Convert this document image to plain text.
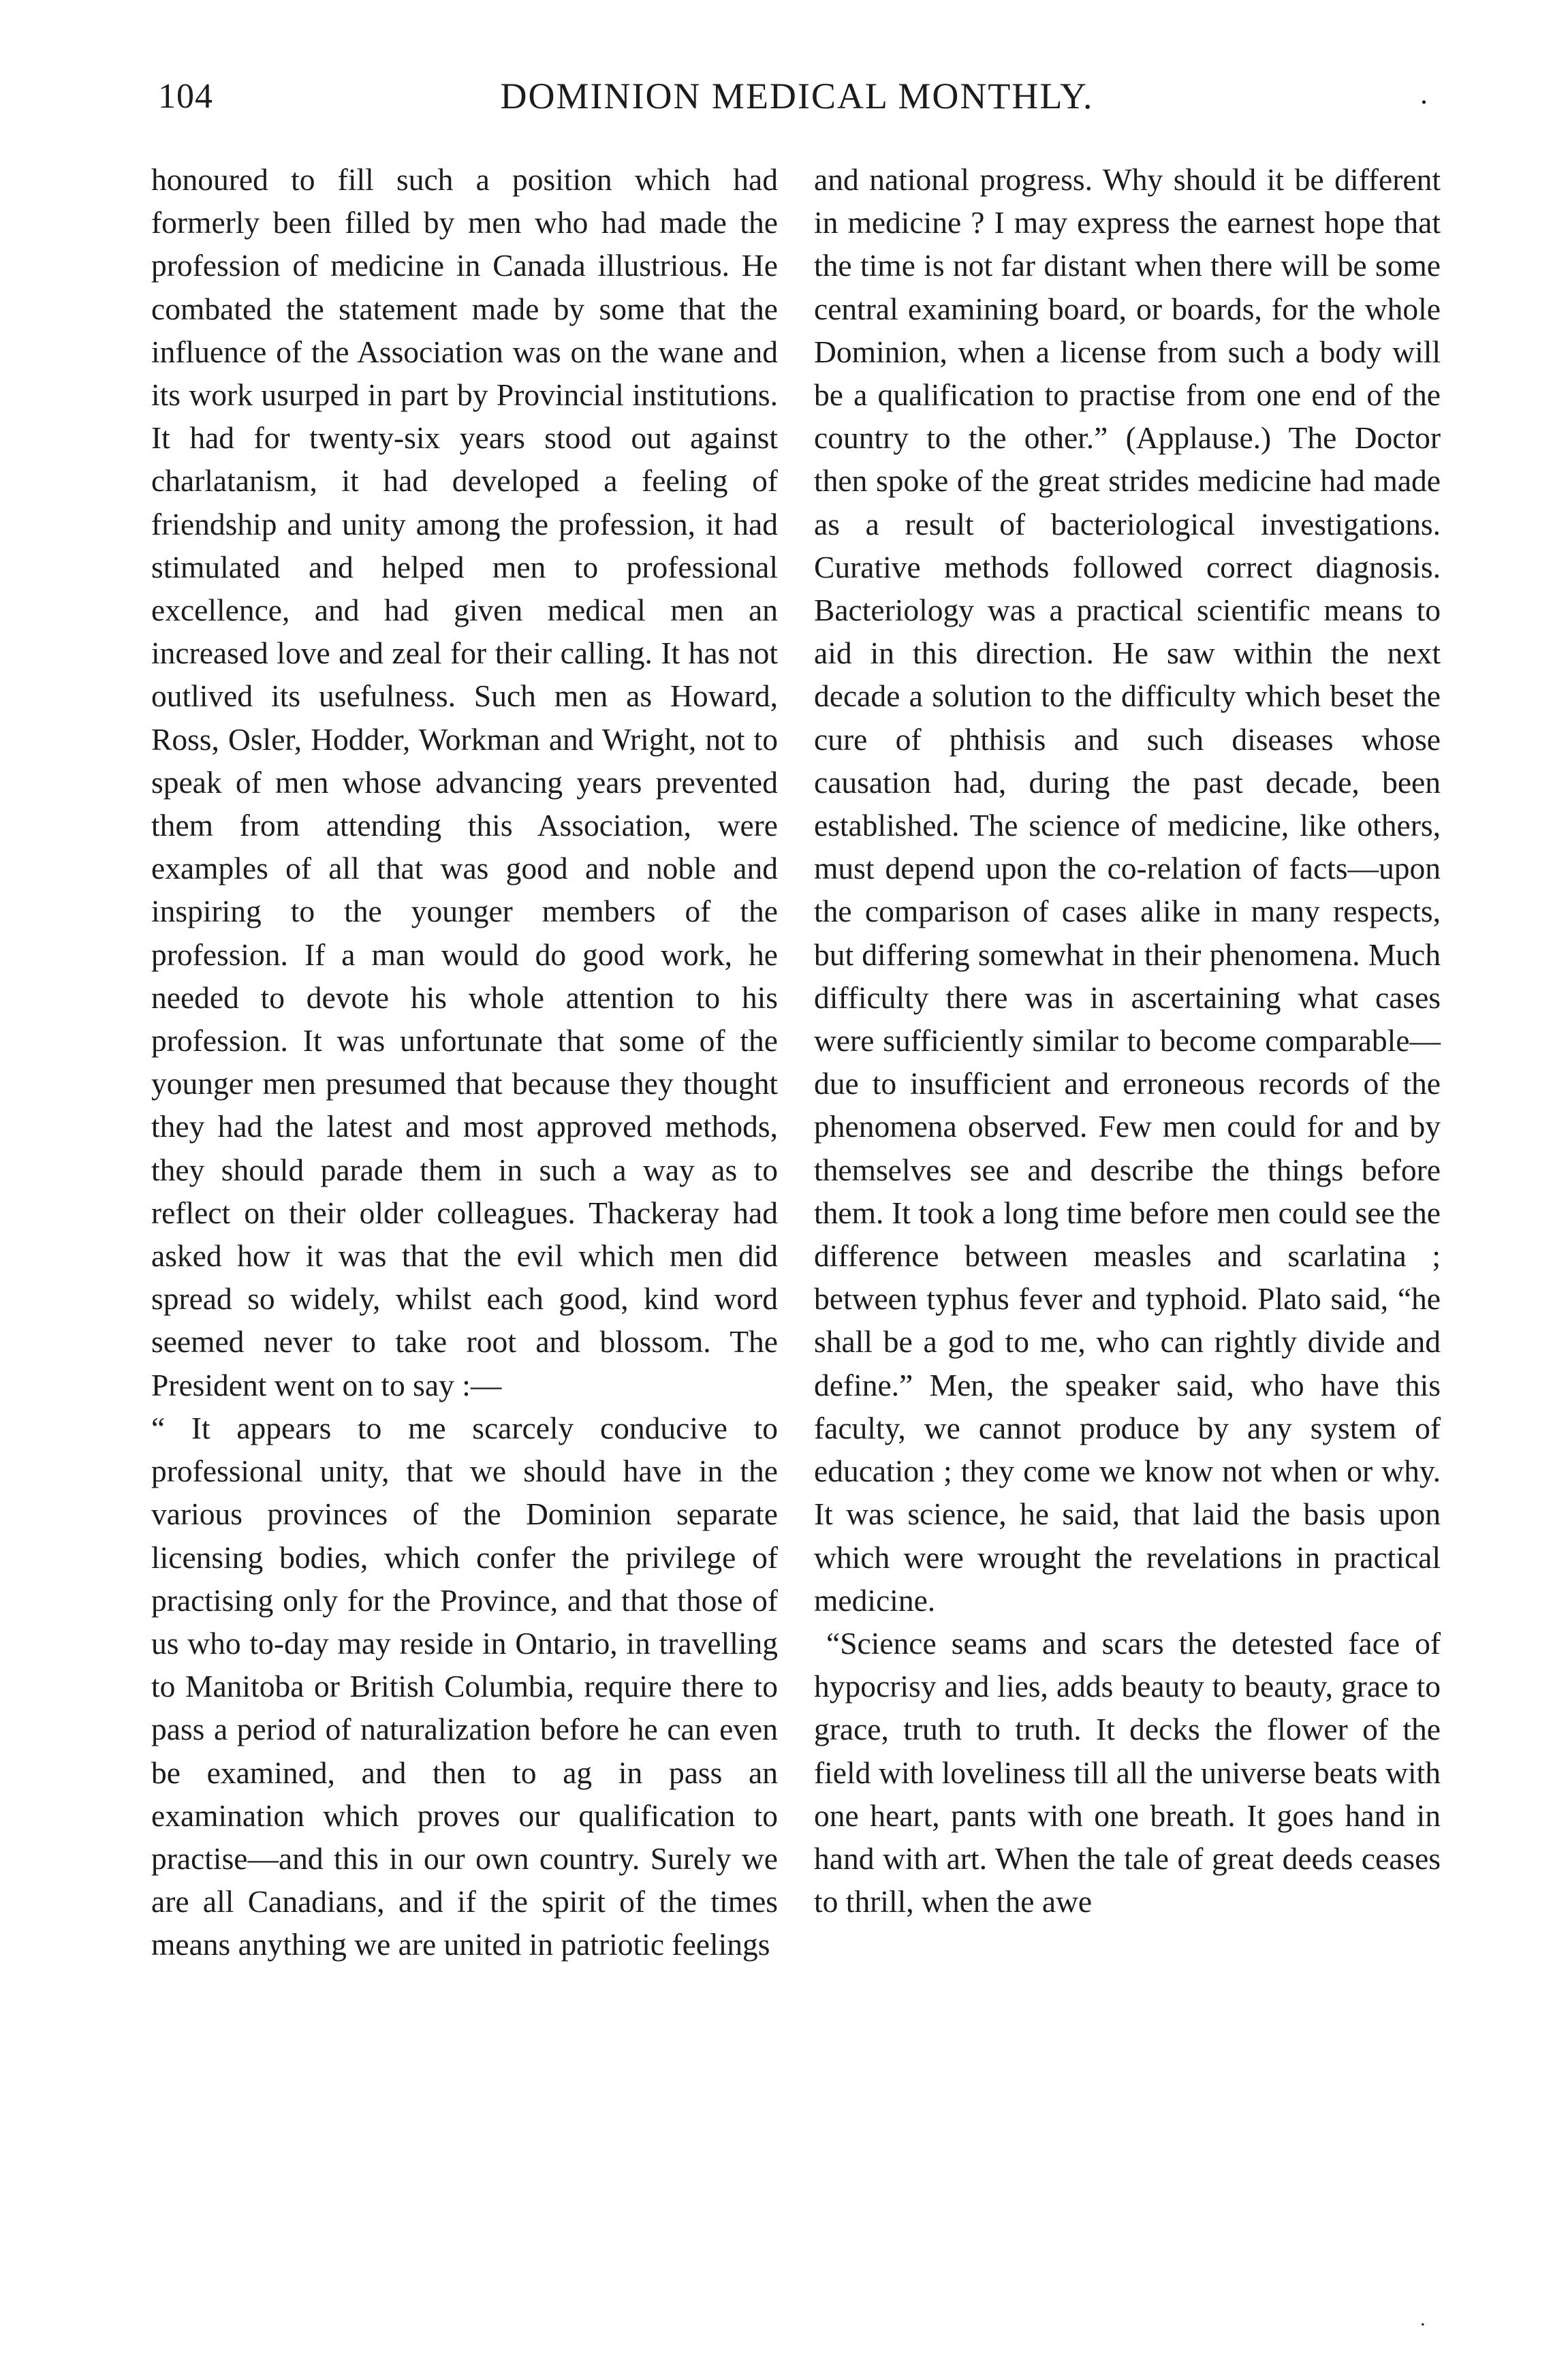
104	DOMINION MEDICAL MONTHLY.	.

honoured to fill such a position which had formerly been filled by men who had made the profession of medicine in Canada illustrious. He combated the statement made by some that the influence of the Association was on the wane and its work usurped in part by Provincial institutions. It had for twenty-six years stood out against charlatanism, it had developed a feeling of friendship and unity among the profession, it had stimulated and helped men to professional excellence, and had given medical men an increased love and zeal for their calling. It has not outlived its usefulness. Such men as Howard, Ross, Osler, Hodder, Workman and Wright, not to speak of men whose advancing years prevented them from attending this Association, were examples of all that was good and noble and inspiring to the younger members of the profession. If a man would do good work, he needed to devote his whole attention to his profession. It was unfortunate that some of the younger men presumed that because they thought they had the latest and most approved methods, they should parade them in such a way as to reflect on their older colleagues. Thackeray had asked how it was that the evil which men did spread so widely, whilst each good, kind word seemed never to take root and blossom. The President went on to say :—

“ It appears to me scarcely conducive to professional unity, that we should have in the various provinces of the Dominion separate licensing bodies, which confer the privilege of practising only for the Province, and that those of us who to-day may reside in Ontario, in travelling to Manitoba or British Columbia, require there to pass a period of naturalization before he can even be examined, and then to ag in pass an examination which proves our qualification to practise—and this in our own country. Surely we are all Canadians, and if the spirit of the times means anything we are united in patriotic feelings

and national progress. Why should it be different in medicine ? I may express the earnest hope that the time is not far distant when there will be some central examining board, or boards, for the whole Dominion, when a license from such a body will be a qualification to practise from one end of the country to the other.” (Applause.) The Doctor then spoke of the great strides medicine had made as a result of bacteriological investigations. Curative methods followed correct diagnosis. Bacteriology was a practical scientific means to aid in this direction. He saw within the next decade a solution to the difficulty which beset the cure of phthisis and such diseases whose causation had, during the past decade, been established. The science of medicine, like others, must depend upon the co-relation of facts—upon the comparison of cases alike in many respects, but differing somewhat in their phenomena. Much difficulty there was in ascertaining what cases were sufficiently similar to become comparable—due to insufficient and erroneous records of the phenomena observed. Few men could for and by themselves see and describe the things before them. It took a long time before men could see the difference between measles and scarlatina ; between typhus fever and typhoid. Plato said, “he shall be a god to me, who can rightly divide and define.” Men, the speaker said, who have this faculty, we cannot produce by any system of education ; they come we know not when or why. It was science, he said, that laid the basis upon which were wrought the revelations in practical medicine.

“Science seams and scars the detested face of hypocrisy and lies, adds beauty to beauty, grace to grace, truth to truth. It decks the flower of the field with loveliness till all the universe beats with one heart, pants with one breath. It goes hand in hand with art. When the tale of great deeds ceases to thrill, when the awe

.
